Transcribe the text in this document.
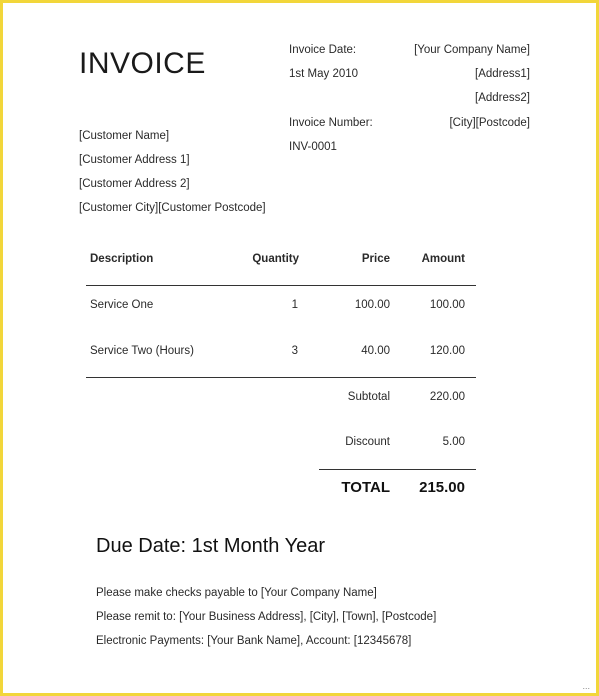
INVOICE	Invoice Date:
1st May 2010
Invoice Number:
INV-0001
[Your Company Name]
[Address1]
[Address2]
[City][Postcode]
[Customer Name]
[Customer Address 1]
[Customer Address 2]
[Customer City][Customer Postcode]
Description	Quantity	Price	Amount
Service One	1	100.00	100.00
Service Two (Hours)	3	40.00	120.00
Subtotal	220.00
Discount	5.00
TOTAL 215.00
Due Date: 1st Month Year
Please make checks payable to [Your Company Name]
Please remit to: [Your Business Address], [City], [Town], [Postcode]
Electronic Payments: [Your Bank Name], Account: [12345678]
...
